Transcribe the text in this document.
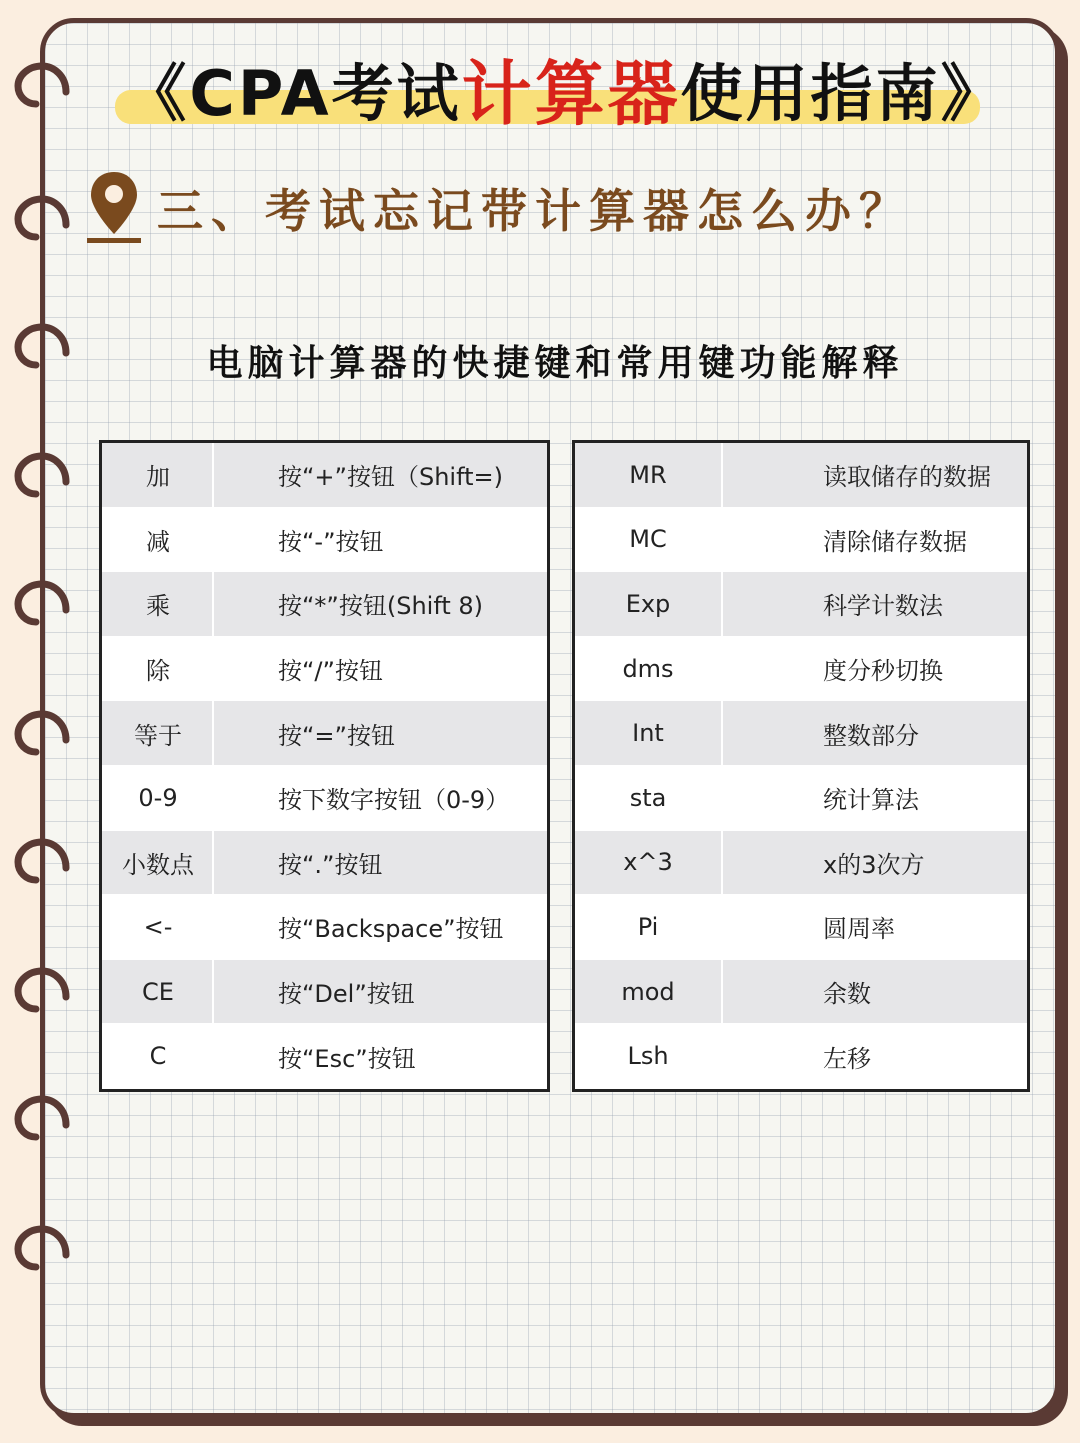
《 CPA考试 计算器 使用指南 》
三、考试忘记带计算器怎么办？
电脑计算器的快捷键和常用键功能解释
加	按“+”按钮（Shift=)
减	按“-”按钮
乘	按“*”按钮(Shift 8)
除	按“/”按钮
等于	按“=”按钮
0-9	按下数字按钮（0-9）
小数点	按“.”按钮
<-	按“Backspace”按钮
CE	按“Del”按钮
C	按“Esc”按钮
MR	读取储存的数据
MC	清除储存数据
Exp	科学计数法
dms	度分秒切换
Int	整数部分
sta	统计算法
x^3	x的3次方
Pi	圆周率
mod	余数
Lsh	左移
